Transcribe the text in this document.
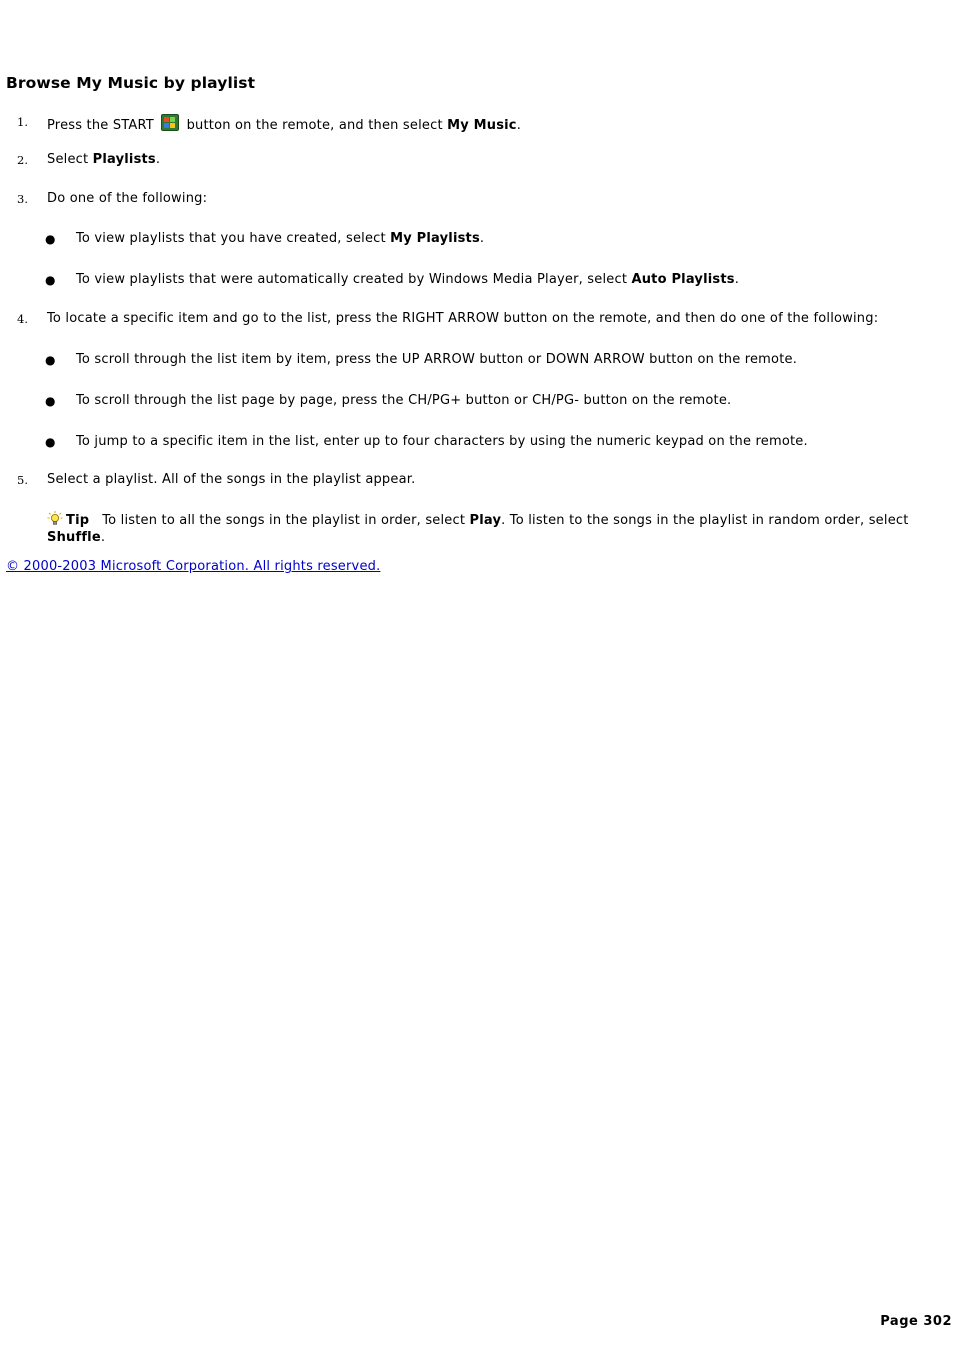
Browse My Music by playlist
1. Press the START
button on the remote, and then select My Music.
2. Select Playlists.
3. Do one of the following:
● To view playlists that you have created, select My Playlists.
● To view playlists that were automatically created by Windows Media Player, select Auto Playlists.
4. To locate a specific item and go to the list, press the RIGHT ARROW button on the remote, and then do one of the following:
● To scroll through the list item by item, press the UP ARROW button or DOWN ARROW button on the remote.
● To scroll through the list page by page, press the CH/PG+ button or CH/PG- button on the remote.
● To jump to a specific item in the list, enter up to four characters by using the numeric keypad on the remote.
5. Select a playlist. All of the songs in the playlist appear.
Tip To listen to all the songs in the playlist in order, select Play. To listen to the songs in the playlist in random order, select Shuffle.
© 2000-2003 Microsoft Corporation. All rights reserved.
Page 302
